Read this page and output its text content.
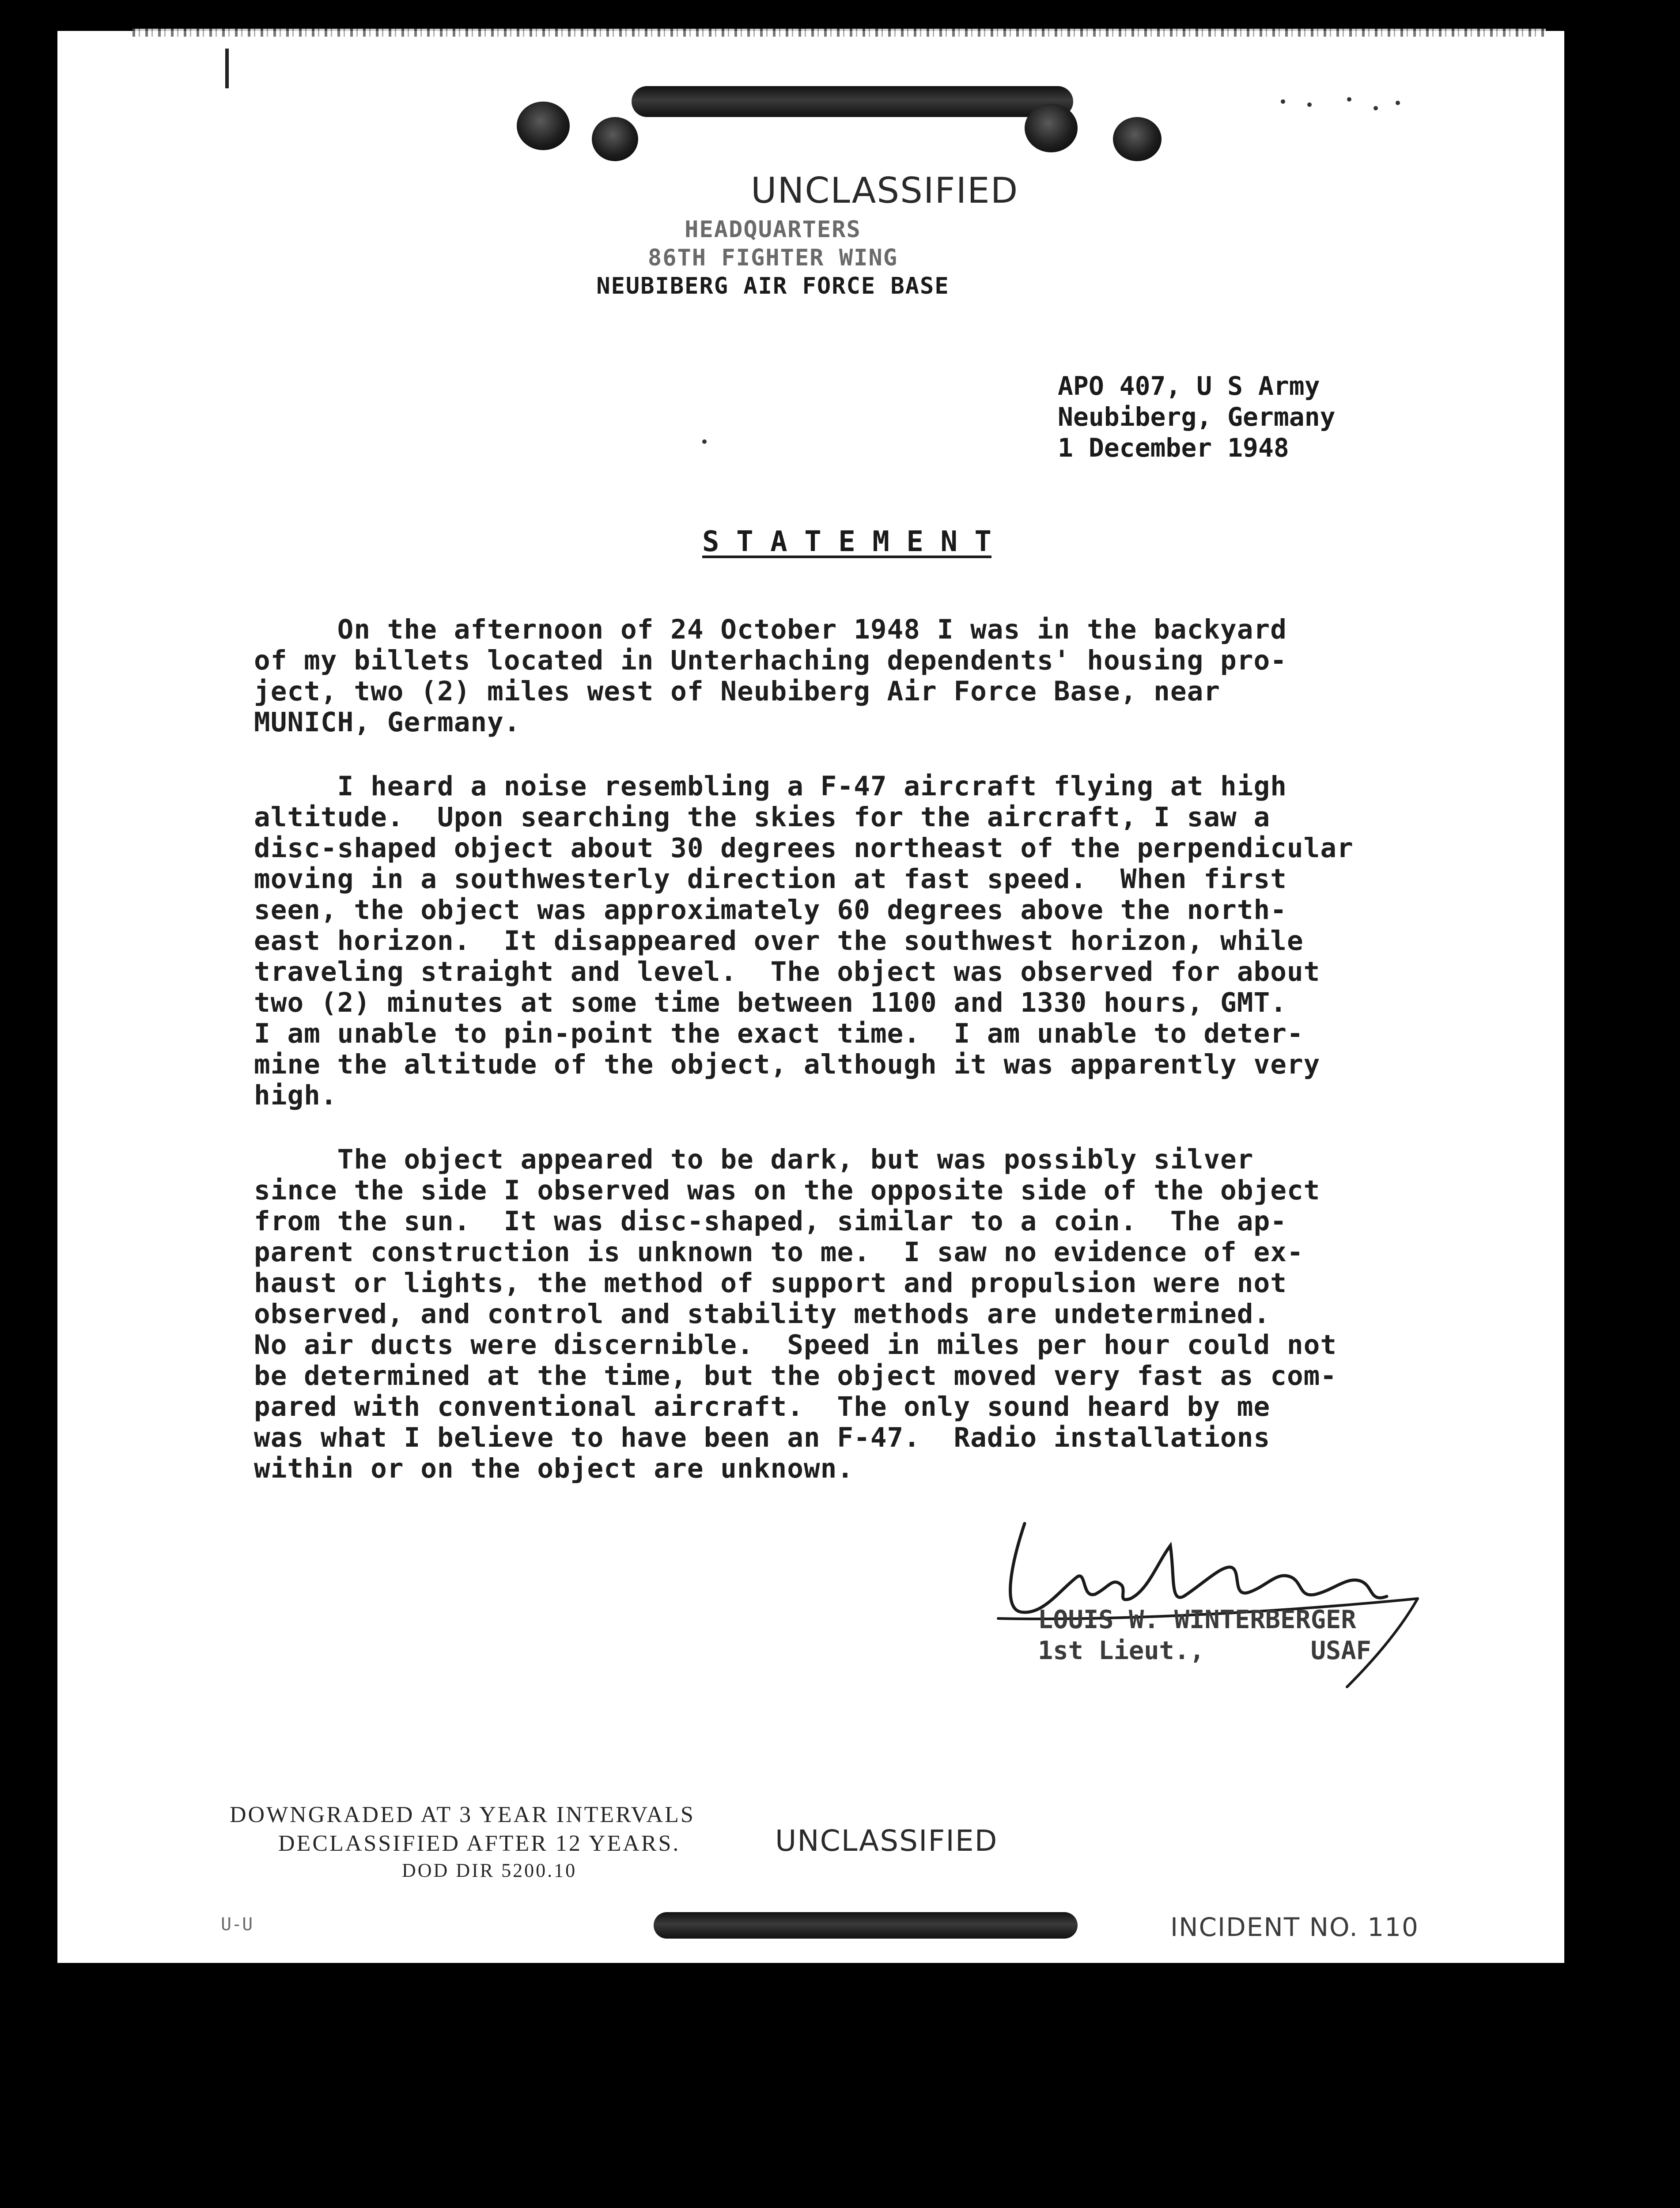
UNCLASSIFIED
HEADQUARTERS
86TH FIGHTER WING
NEUBIBERG AIR FORCE BASE
APO 407, U S Army
Neubiberg, Germany
1 December 1948
S T A T E M E N T
On the afternoon of 24 October 1948 I was in the backyard
of my billets located in Unterhaching dependents' housing pro-
ject, two (2) miles west of Neubiberg Air Force Base, near
MUNICH, Germany.
I heard a noise resembling a F-47 aircraft flying at high
altitude.  Upon searching the skies for the aircraft, I saw a
disc-shaped object about 30 degrees northeast of the perpendicular
moving in a southwesterly direction at fast speed.  When first
seen, the object was approximately 60 degrees above the north-
east horizon.  It disappeared over the southwest horizon, while
traveling straight and level.  The object was observed for about
two (2) minutes at some time between 1100 and 1330 hours, GMT.
I am unable to pin-point the exact time.  I am unable to deter-
mine the altitude of the object, although it was apparently very
high.
The object appeared to be dark, but was possibly silver
since the side I observed was on the opposite side of the object
from the sun.  It was disc-shaped, similar to a coin.  The ap-
parent construction is unknown to me.  I saw no evidence of ex-
haust or lights, the method of support and propulsion were not
observed, and control and stability methods are undetermined.
No air ducts were discernible.  Speed in miles per hour could not
be determined at the time, but the object moved very fast as com-
pared with conventional aircraft.  The only sound heard by me
was what I believe to have been an F-47.  Radio installations
within or on the object are unknown.
LOUIS W. WINTERBERGER
1st Lieut.,       USAF
DOWNGRADED AT 3 YEAR INTERVALS
DECLASSIFIED AFTER 12 YEARS.
DOD DIR 5200.10
UNCLASSIFIED
U-U	INCIDENT NO. 110
